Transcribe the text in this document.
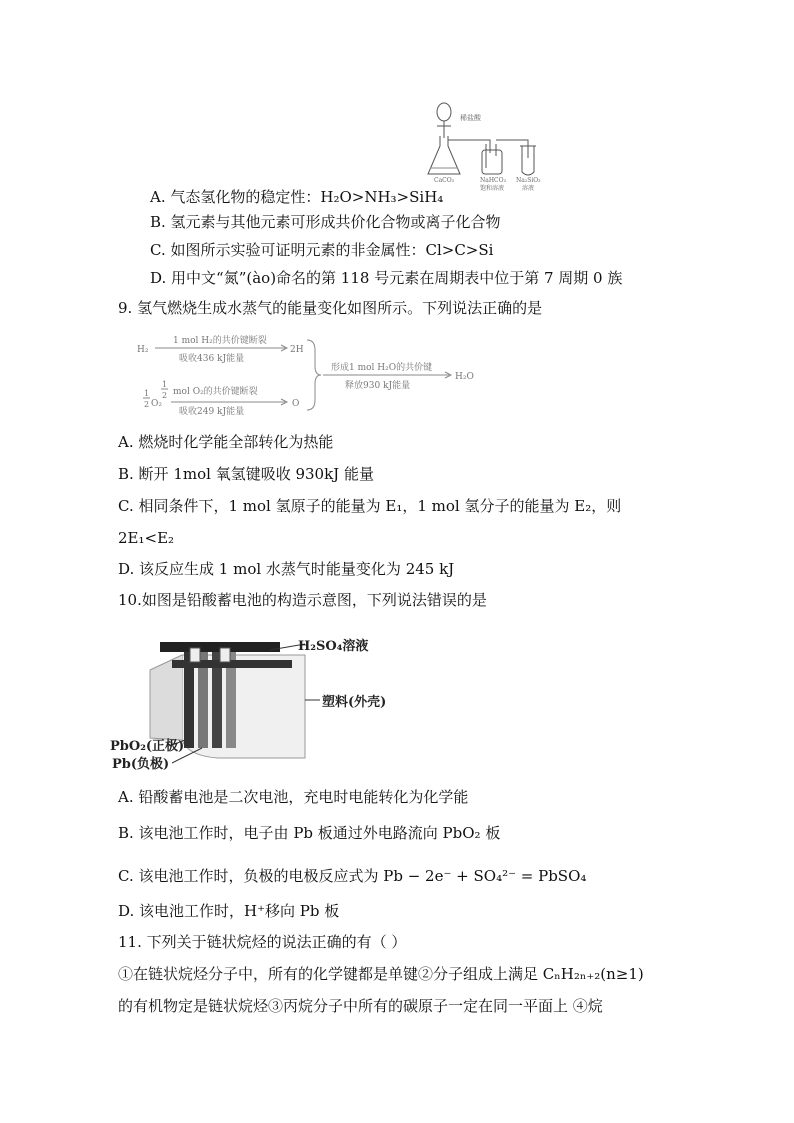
稀盐酸
CaCO₃	NaHCO₃
饱和溶液
Na₂SiO₃
溶液
A. 气态氢化物的稳定性：H₂O>NH₃>SiH₄
B. 氢元素与其他元素可形成共价化合物或离子化合物
C. 如图所示实验可证明元素的非金属性：Cl>C>Si
D. 用中文“氮”(ào)命名的第 118 号元素在周期表中位于第 7 周期 0 族
9. 氢气燃烧生成水蒸气的能量变化如图所示。下列说法正确的是
H₂
1 mol H₂的共价键断裂
吸收436 kJ能量
2H
1
2 O₂
1
2 mol O₂的共价键断裂
吸收249 kJ能量
O
形成1 mol H₂O的共价键
释放930 kJ能量
H₂O
A. 燃烧时化学能全部转化为热能
B. 断开 1mol 氧氢键吸收 930kJ 能量
C. 相同条件下，1 mol 氢原子的能量为 E₁，1 mol 氢分子的能量为 E₂，则
2E₁<E₂
D. 该反应生成 1 mol 水蒸气时能量变化为 245 kJ
10.如图是铅酸蓄电池的构造示意图，下列说法错误的是
H₂SO₄溶液
塑料(外壳)
PbO₂(正极)
Pb(负极)
A. 铅酸蓄电池是二次电池，充电时电能转化为化学能
B. 该电池工作时，电子由 Pb 板通过外电路流向 PbO₂ 板
C. 该电池工作时，负极的电极反应式为 Pb − 2e⁻ + SO₄²⁻ = PbSO₄
D. 该电池工作时，H⁺移向 Pb 板
11. 下列关于链状烷烃的说法正确的有（ ）
①在链状烷烃分子中，所有的化学键都是单键②分子组成上满足 CₙH₂ₙ₊₂(n≥1)
的有机物定是链状烷烃③丙烷分子中所有的碳原子一定在同一平面上 ④烷
